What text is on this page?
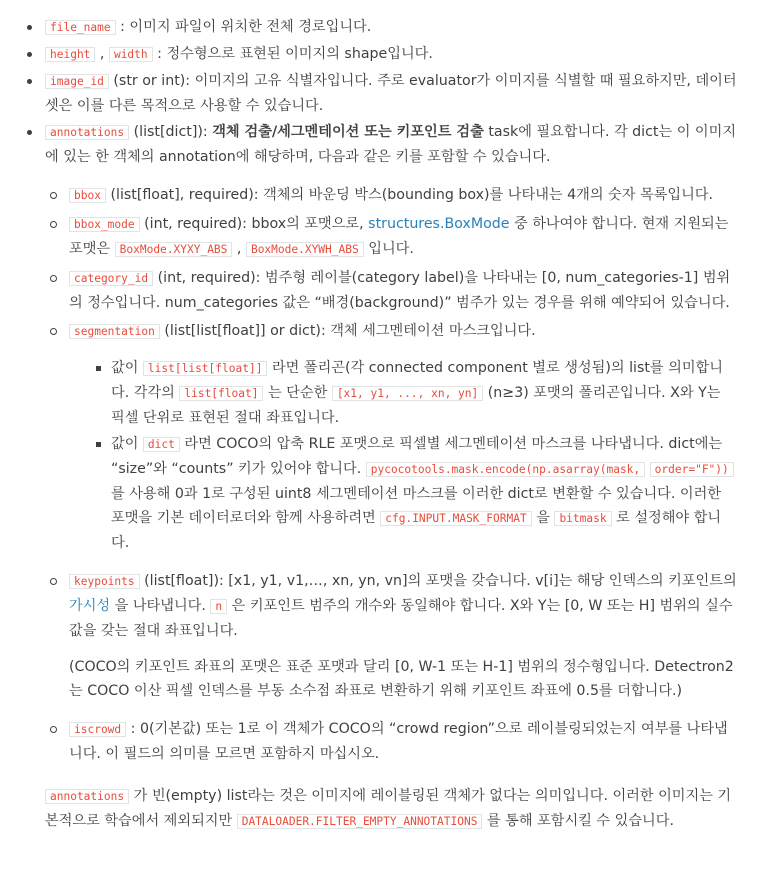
file_name : 이미지 파일이 위치한 전체 경로입니다.
height , width : 정수형으로 표현된 이미지의 shape입니다.
image_id (str or int): 이미지의 고유 식별자입니다. 주로 evaluator가 이미지를 식별할 때 필요하지만, 데이터셋은 이를 다른 목적으로 사용할 수 있습니다.
annotations (list[dict]): 객체 검출/세그멘테이션 또는 키포인트 검출 task에 필요합니다. 각 dict는 이 이미지에 있는 한 객체의 annotation에 해당하며, 다음과 같은 키를 포함할 수 있습니다.
bbox (list[float], required): 객체의 바운딩 박스(bounding box)를 나타내는 4개의 숫자 목록입니다.
bbox_mode (int, required): bbox의 포맷으로, structures.BoxMode 중 하나여야 합니다. 현재 지원되는 포맷은 BoxMode.XYXY_ABS , BoxMode.XYWH_ABS 입니다.
category_id (int, required): 범주형 레이블(category label)을 나타내는 [0, num_categories-1] 범위의 정수입니다. num_categories 값은 “배경(background)” 범주가 있는 경우를 위해 예약되어 있습니다.
segmentation (list[list[float]] or dict): 객체 세그멘테이션 마스크입니다.
값이 list[list[float]] 라면 폴리곤(각 connected component 별로 생성됨)의 list를 의미합니다. 각각의 list[float] 는 단순한 [x1, y1, ..., xn, yn] (n≥3) 포맷의 폴리곤입니다. X와 Y는 픽셀 단위로 표현된 절대 좌표입니다.
값이 dict 라면 COCO의 압축 RLE 포맷으로 픽셀별 세그멘테이션 마스크를 나타냅니다. dict에는 “size”와 “counts” 키가 있어야 합니다. pycocotools.mask.encode(np.asarray(mask, order="F")) 를 사용해 0과 1로 구성된 uint8 세그멘테이션 마스크를 이러한 dict로 변환할 수 있습니다. 이러한 포맷을 기본 데이터로더와 함께 사용하려면 cfg.INPUT.MASK_FORMAT 을 bitmask 로 설정해야 합니다.
keypoints (list[float]): [x1, y1, v1,…, xn, yn, vn]의 포맷을 갖습니다. v[i]는 해당 인덱스의 키포인트의 가시성 을 나타냅니다. n 은 키포인트 범주의 개수와 동일해야 합니다. X와 Y는 [0, W 또는 H] 범위의 실수값을 갖는 절대 좌표입니다.
(COCO의 키포인트 좌표의 포맷은 표준 포맷과 달리 [0, W-1 또는 H-1] 범위의 정수형입니다. Detectron2는 COCO 이산 픽셀 인덱스를 부동 소수점 좌표로 변환하기 위해 키포인트 좌표에 0.5를 더합니다.)
iscrowd : 0(기본값) 또는 1로 이 객체가 COCO의 “crowd region”으로 레이블링되었는지 여부를 나타냅니다. 이 필드의 의미를 모르면 포함하지 마십시오.

annotations 가 빈(empty) list라는 것은 이미지에 레이블링된 객체가 없다는 의미입니다. 이러한 이미지는 기본적으로 학습에서 제외되지만 DATALOADER.FILTER_EMPTY_ANNOTATIONS 를 통해 포함시킬 수 있습니다.
